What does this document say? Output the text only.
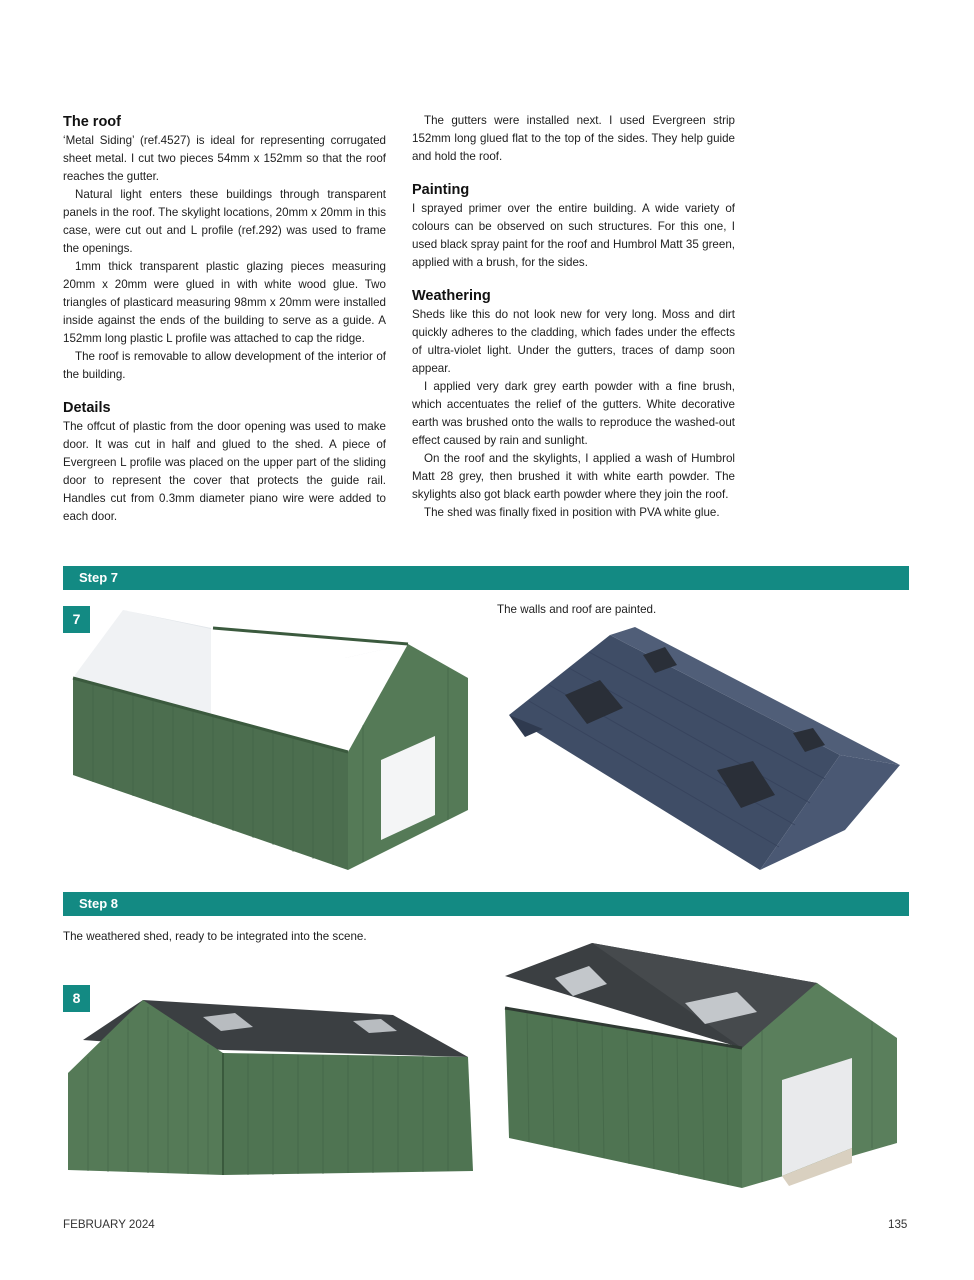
The roof

‘Metal Siding’ (ref.4527) is ideal for representing corrugated sheet metal. I cut two pieces 54mm x 152mm so that the roof reaches the gutter.

Natural light enters these buildings through transparent panels in the roof. The skylight locations, 20mm x 20mm in this case, were cut out and L profile (ref.292) was used to frame the openings.

1mm thick transparent plastic glazing pieces measuring 20mm x 20mm were glued in with white wood glue. Two triangles of plasticard measuring 98mm x 20mm were installed inside against the ends of the building to serve as a guide. A 152mm long plastic L profile was attached to cap the ridge.

The roof is removable to allow development of the interior of the building.

Details

The offcut of plastic from the door opening was used to make door. It was cut in half and glued to the shed. A piece of Evergreen L profile was placed on the upper part of the sliding door to represent the cover that protects the guide rail. Handles cut from 0.3mm diameter piano wire were added to each door.

The gutters were installed next. I used Evergreen strip 152mm long glued flat to the top of the sides. They help guide and hold the roof.

Painting

I sprayed primer over the entire building. A wide variety of colours can be observed on such structures. For this one, I used black spray paint for the roof and Humbrol Matt 35 green, applied with a brush, for the sides.

Weathering

Sheds like this do not look new for very long. Moss and dirt quickly adheres to the cladding, which fades under the effects of ultra-violet light. Under the gutters, traces of damp soon appear.

I applied very dark grey earth powder with a fine brush, which accentuates the relief of the gutters. White decorative earth was brushed onto the walls to reproduce the washed-out effect caused by rain and sunlight.

On the roof and the skylights, I applied a wash of Humbrol Matt 28 grey, then brushed it with white earth powder. The skylights also got black earth powder where they join the roof.

The shed was finally fixed in position with PVA white glue.

Step 7
7
The walls and roof are painted.
Step 8
The weathered shed, ready to be integrated into the scene.
8
FEBRUARY 2024	135
